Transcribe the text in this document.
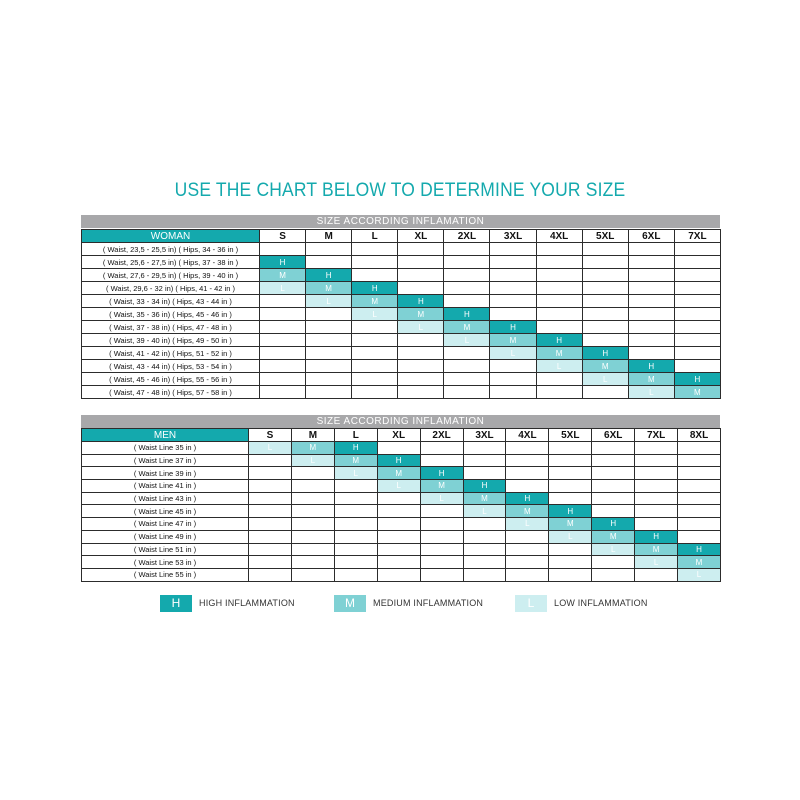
USE THE CHART BELOW TO DETERMINE YOUR SIZE
SIZE ACCORDING INFLAMATION
WOMAN	S	M	L	XL	2XL	3XL	4XL	5XL	6XL	7XL
( Waist, 23,5 - 25,5 in) ( Hips, 34 - 36 in )										
( Waist, 25,6 - 27,5 in) ( Hips, 37 - 38 in )	H									
( Waist, 27,6 - 29,5 in) ( Hips, 39 - 40 in )	M	H								
( Waist, 29,6 - 32 in) ( Hips, 41 - 42 in )	L	M	H							
( Waist, 33 - 34 in) ( Hips, 43 - 44 in )		L	M	H						
( Waist, 35 - 36 in) ( Hips, 45 - 46 in )			L	M	H					
( Waist, 37 - 38 in) ( Hips, 47 - 48 in )				L	M	H				
( Waist, 39 - 40 in) ( Hips, 49 - 50 in )					L	M	H			
( Waist, 41 - 42 in) ( Hips, 51 - 52 in )						L	M	H		
( Waist, 43 - 44 in) ( Hips, 53 - 54 in )							L	M	H	
( Waist, 45 - 46 in) ( Hips, 55 - 56 in )								L	M	H
( Waist, 47 - 48 in) ( Hips, 57 - 58 in )									L	M
SIZE ACCORDING INFLAMATION
MEN	S	M	L	XL	2XL	3XL	4XL	5XL	6XL	7XL	8XL
( Waist Line 35 in )	L	M	H								
( Waist Line 37 in )		L	M	H							
( Waist Line 39 in )			L	M	H						
( Waist Line 41 in )				L	M	H					
( Waist Line 43 in )					L	M	H				
( Waist Line 45 in )						L	M	H			
( Waist Line 47 in )							L	M	H		
( Waist Line 49 in )								L	M	H	
( Waist Line 51 in )									L	M	H
( Waist Line 53 in )										L	M
( Waist Line 55 in )											L
H	HIGH INFLAMMATION	M	MEDIUM INFLAMMATION	L	LOW INFLAMMATION
